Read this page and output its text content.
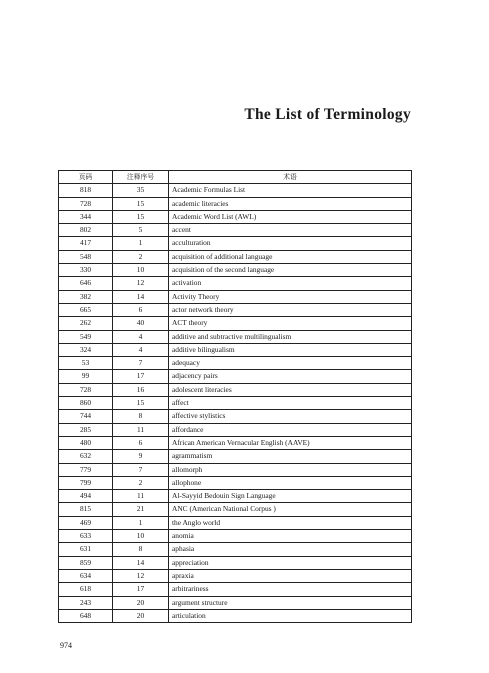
The List of Terminology
页码	注释序号	术语
818	35	Academic Formulas List
728	15	academic literacies
344	15	Academic Word List (AWL)
802	5	accent
417	1	acculturation
548	2	acquisition of additional language
330	10	acquisition of the second language
646	12	activation
382	14	Activity Theory
665	6	actor network theory
262	40	ACT theory
549	4	additive and subtractive multilingualism
324	4	additive bilingualism
53	7	adequacy
99	17	adjacency pairs
728	16	adolescent literacies
860	15	affect
744	8	affective stylistics
285	11	affordance
480	6	African American Vernacular English (AAVE)
632	9	agrammatism
779	7	allomorph
799	2	allophone
494	11	Al-Sayyid Bedouin Sign Language
815	21	ANC (American National Corpus )
469	1	the Anglo world
633	10	anomia
631	8	aphasia
859	14	appreciation
634	12	apraxia
618	17	arbitrariness
243	20	argument structure
648	20	articulation
974
